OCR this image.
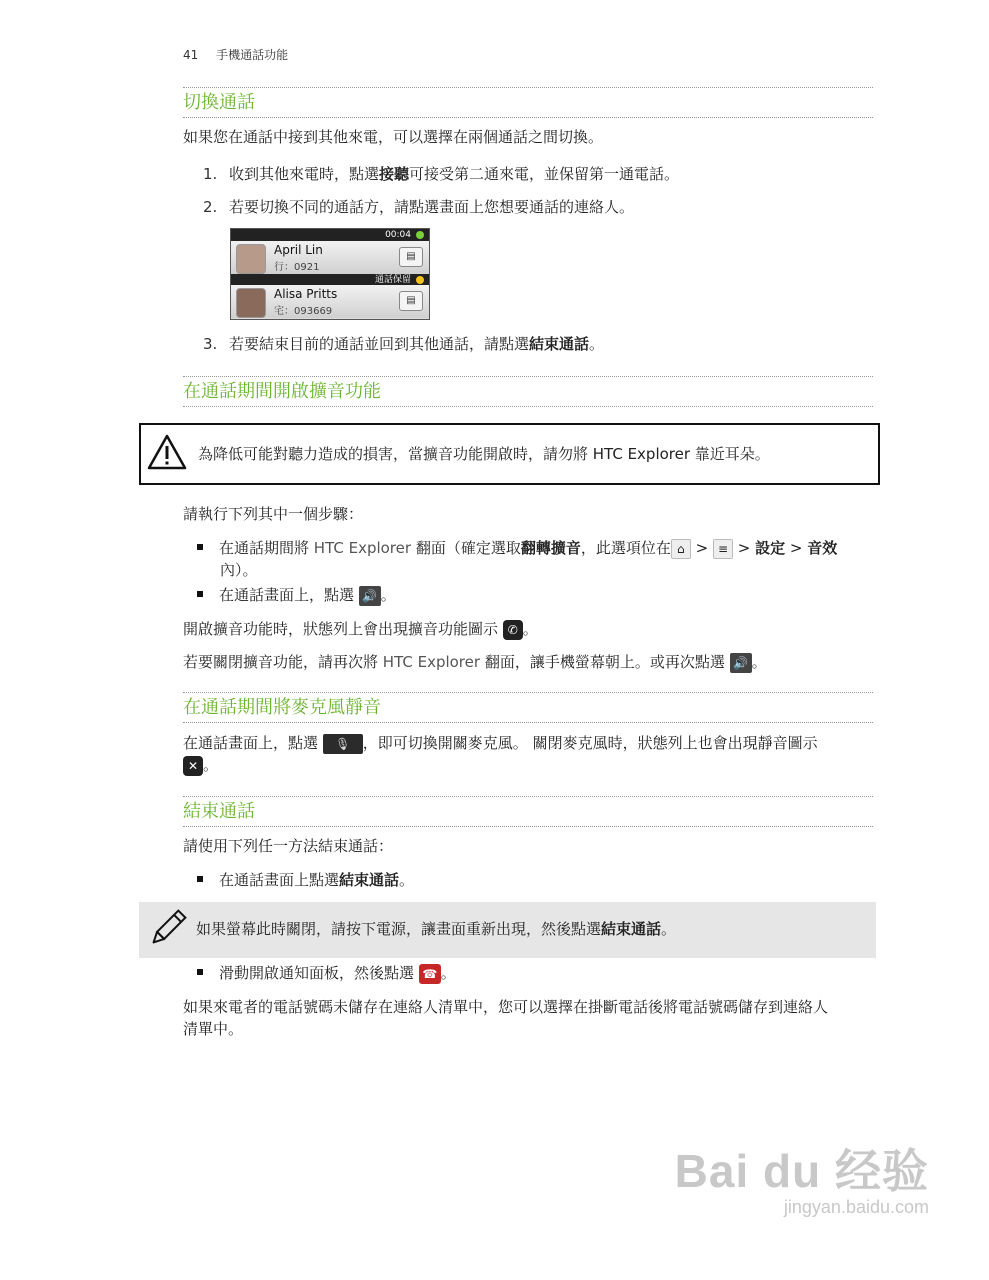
41 手機通話功能
切換通話
如果您在通話中接到其他來電，可以選擇在兩個通話之間切換。
1. 收到其他來電時，點選接聽可接受第二通來電，並保留第一通電話。
2. 若要切換不同的通話方，請點選畫面上您想要通話的連絡人。
00:04
April Lin
行：0921
▤
通話保留
Alisa Pritts
宅：093669
▤
3. 若要結束目前的通話並回到其他通話，請點選結束通話。
在通話期間開啟擴音功能
為降低可能對聽力造成的損害，當擴音功能開啟時，請勿將 HTC Explorer 靠近耳朵。
請執行下列其中一個步驟：
在通話期間將 HTC Explorer 翻面（確定選取翻轉擴音，此選項位在 ⌂ > ≡ > 設定 > 音效
內）。
在通話畫面上，點選 🔊 。
開啟擴音功能時，狀態列上會出現擴音功能圖示 ✆ 。
若要關閉擴音功能，請再次將 HTC Explorer 翻面，讓手機螢幕朝上。或再次點選 🔊 。
在通話期間將麥克風靜音
在通話畫面上，點選 🎙 ，即可切換開關麥克風。 關閉麥克風時，狀態列上也會出現靜音圖示
✕ 。
結束通話
請使用下列任一方法結束通話：
在通話畫面上點選結束通話。
如果螢幕此時關閉，請按下電源，讓畫面重新出現，然後點選結束通話。
滑動開啟通知面板，然後點選 ☎ 。
如果來電者的電話號碼未儲存在連絡人清單中，您可以選擇在掛斷電話後將電話號碼儲存到連絡人
清單中。
Bai du 经验
jingyan.baidu.com
